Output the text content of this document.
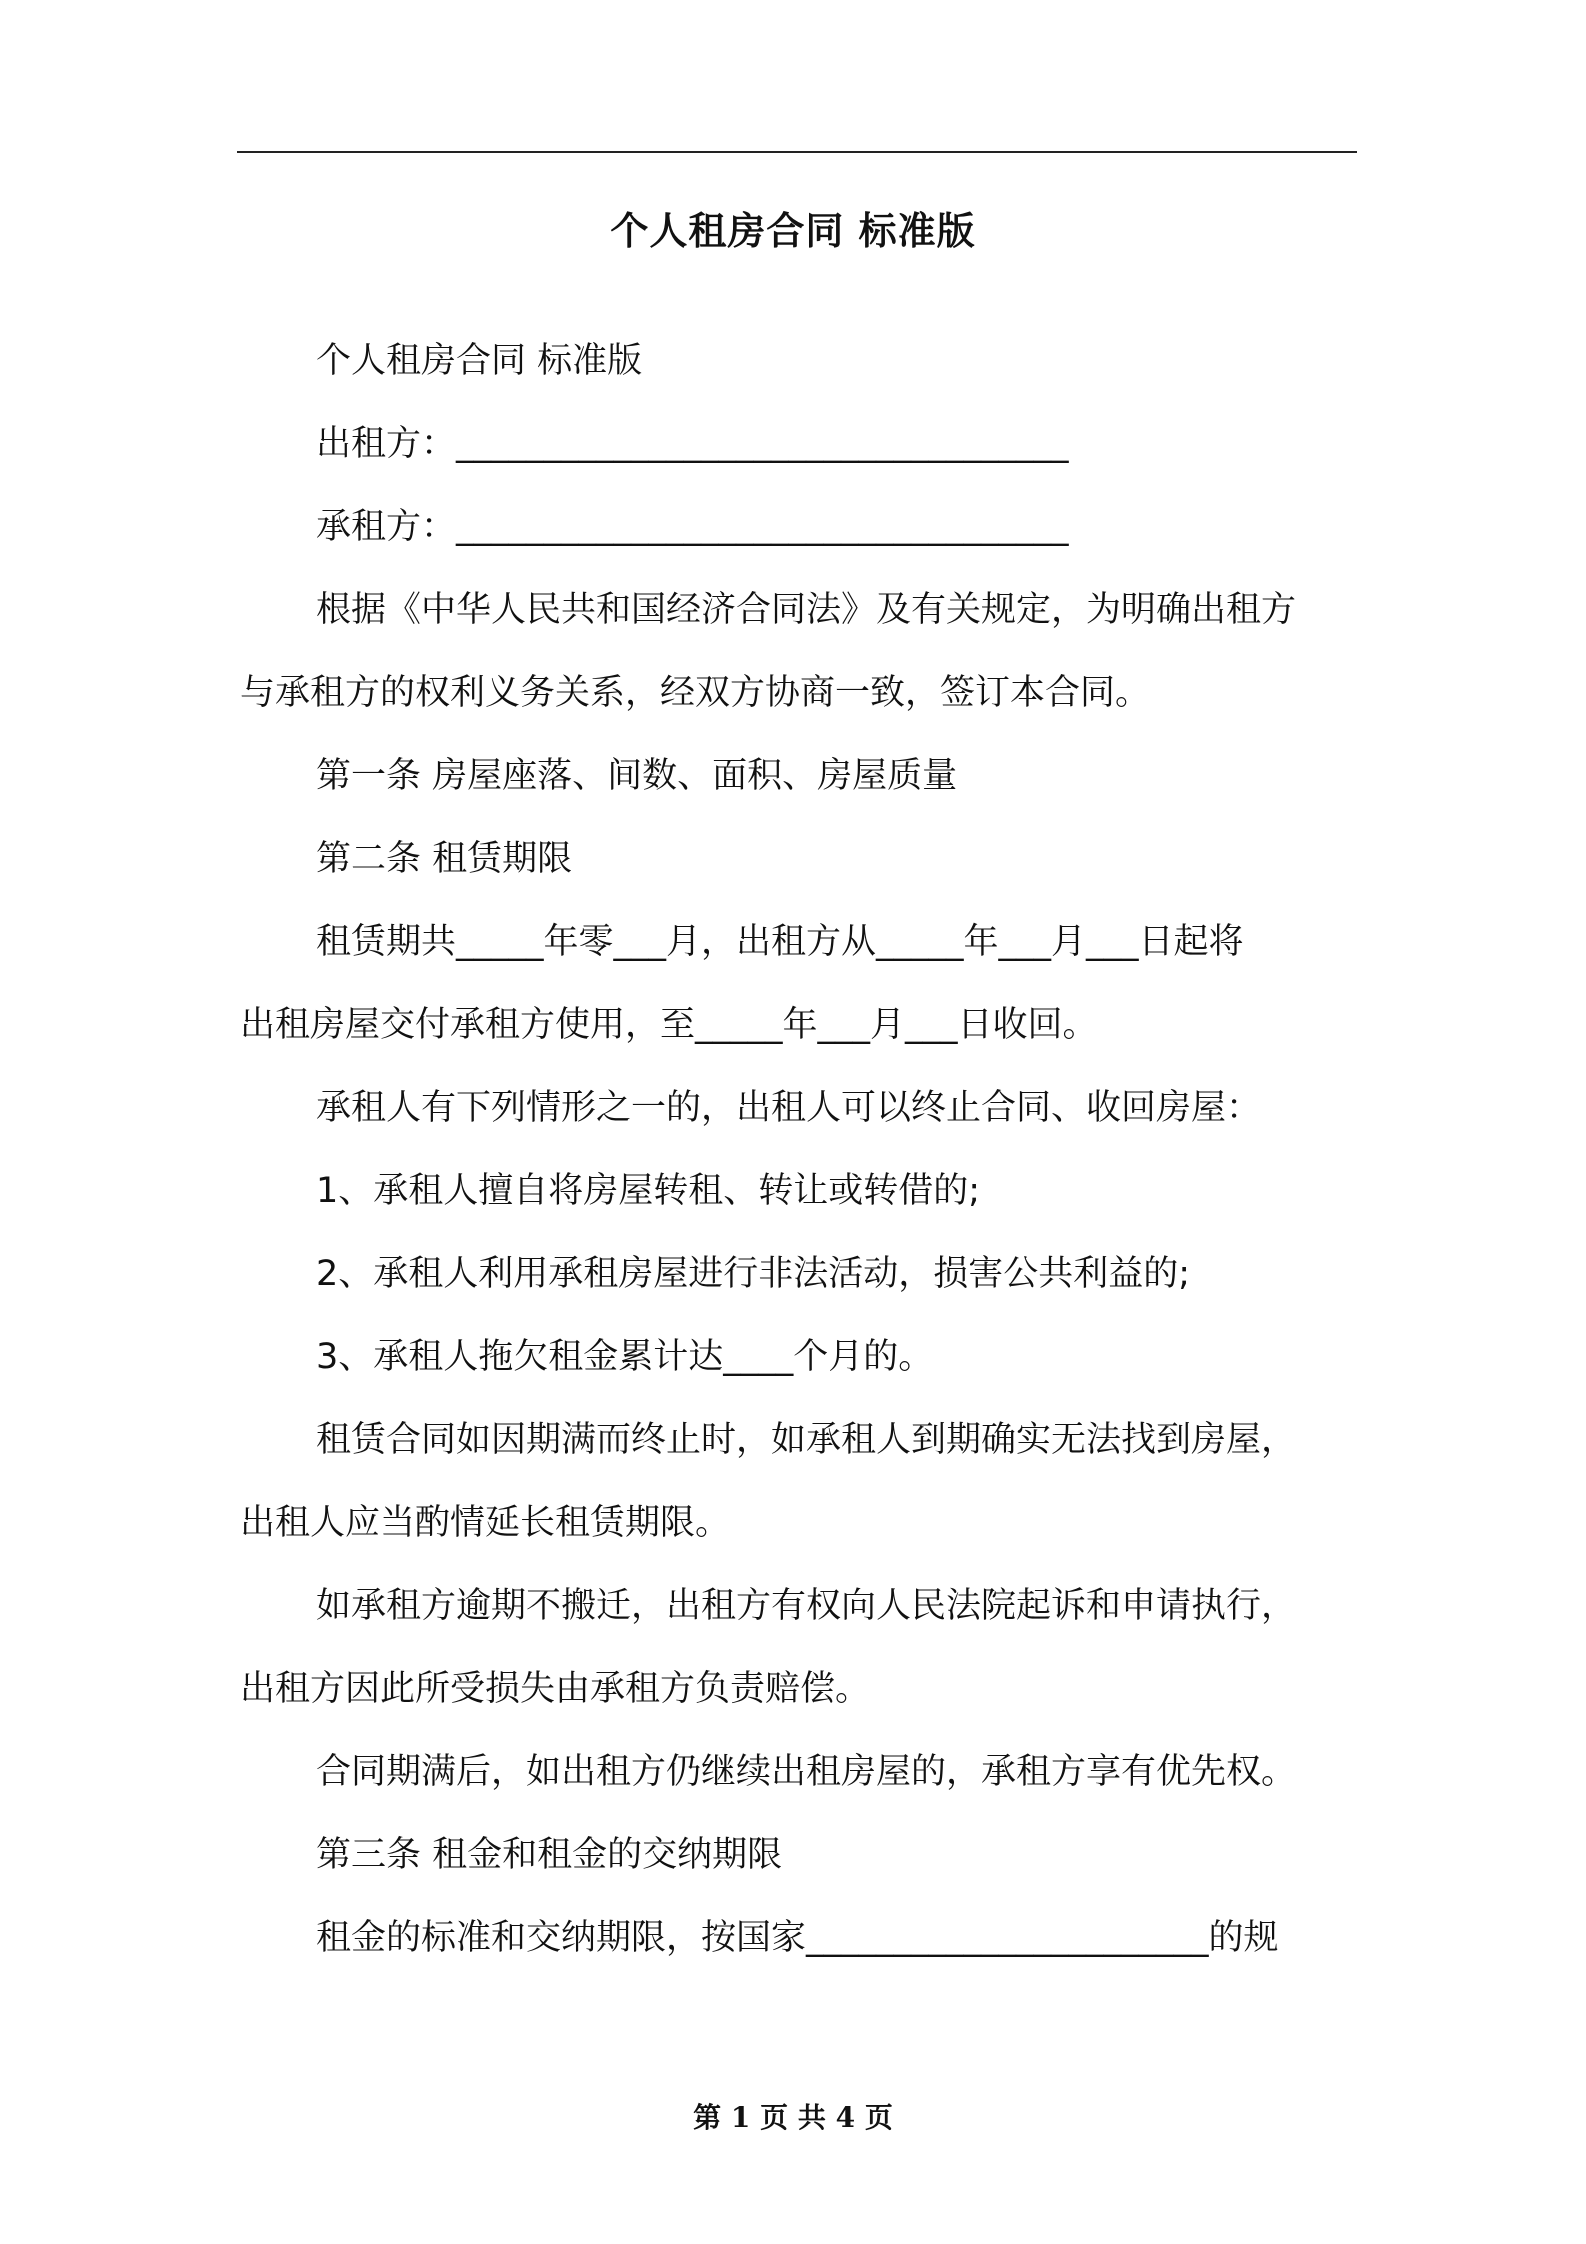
个人租房合同 标准版

个人租房合同 标准版

出租方：___________________________________

承租方：___________________________________

根据《中华人民共和国经济合同法》及有关规定，为明确出租方

与承租方的权利义务关系，经双方协商一致，签订本合同。

第一条 房屋座落、间数、面积、房屋质量

第二条 租赁期限

租赁期共_____年零___月，出租方从_____年___月___日起将

出租房屋交付承租方使用，至_____年___月___日收回。

承租人有下列情形之一的，出租人可以终止合同、收回房屋：

1、承租人擅自将房屋转租、转让或转借的;

2、承租人利用承租房屋进行非法活动，损害公共利益的;

3、承租人拖欠租金累计达____个月的。

租赁合同如因期满而终止时，如承租人到期确实无法找到房屋，

出租人应当酌情延长租赁期限。

如承租方逾期不搬迁，出租方有权向人民法院起诉和申请执行，

出租方因此所受损失由承租方负责赔偿。

合同期满后，如出租方仍继续出租房屋的，承租方享有优先权。

第三条 租金和租金的交纳期限

租金的标准和交纳期限，按国家_______________________的规

第 1 页 共 4 页
